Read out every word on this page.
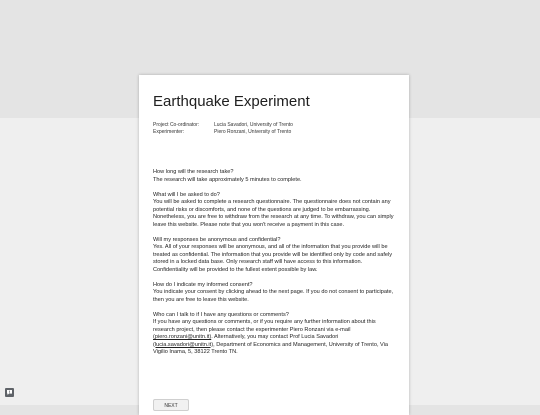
Earthquake Experiment
Project Co-ordinator:	Lucia Savadori, University of Trento
Experimenter:	Piero Ronzani, University of Trento
How long will the research take?
The research will take approximately 5 minutes to complete.
What will I be asked to do?
You will be asked to complete a research questionnaire. The questionnaire does not contain any potential risks or discomforts, and none of the questions are judged to be embarrassing. Nonetheless, you are free to withdraw from the research at any time. To withdraw, you can simply leave this website. Please note that you won't receive a payment in this case.
Will my responses be anonymous and confidential?
Yes. All of your responses will be anonymous, and all of the information that you provide will be treated as confidential. The information that you provide will be identified only by code and safely stored in a locked data base. Only research staff will have access to this information. Confidentiality will be provided to the fullest extent possible by law.
How do I indicate my informed consent?
You indicate your consent by clicking ahead to the next page. If you do not consent to participate, then you are free to leave this website.
Who can I talk to if I have any questions or comments?
If you have any questions or comments, or if you require any further information about this research project, then please contact the experimenter Piero Ronzani via e-mail (piero.ronzani@unitn.it). Alternatively, you may contact Prof Lucia Savadori (lucia.savadori@unitn.it), Department of Economics and Management, University of Trento, Via Vigilio Inama, 5, 38122 Trento TN.
NEXT
